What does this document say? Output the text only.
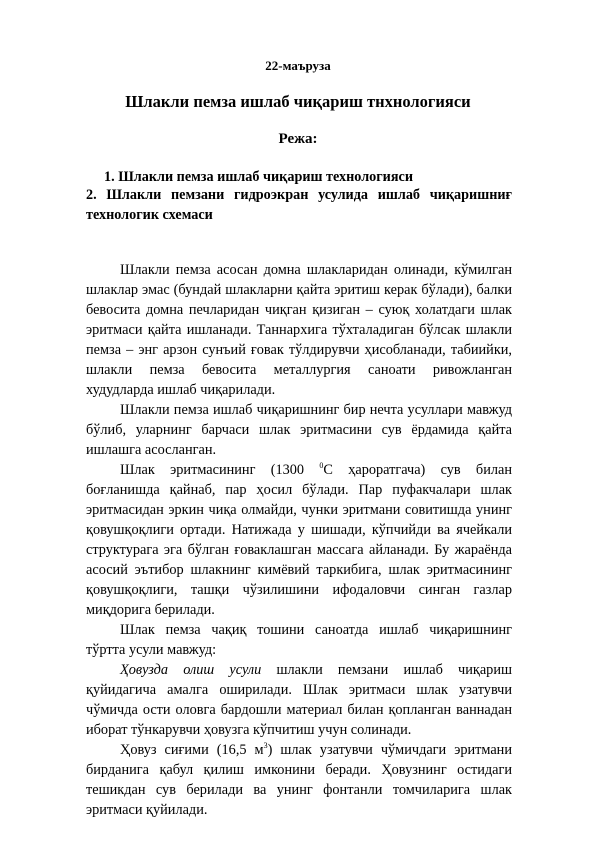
22-маъруза
Шлакли пемза ишлаб чиқариш тнхнологияси
Режа:
1. Шлакли пемза ишлаб чиқариш технологияси
2. Шлакли пемзани гидроэкран усулида ишлаб чиқаришниғ технологик схемаси

Шлакли пемза асосан домна шлакларидан олинади, кўмилган шлаклар эмас (бундай шлакларни қайта эритиш керак бўлади), балки бевосита домна печларидан чиқган қизиган – суюқ холатдаги шлак эритмаси қайта ишланади. Таннархига тўхталадиган бўлсак шлакли пемза – энг арзон сунъий ғовак тўлдирувчи ҳисобланади, табиийки, шлакли пемза бевосита металлургия саноати ривожланган худудларда ишлаб чиқарилади.

Шлакли пемза ишлаб чиқаришнинг бир нечта усуллари мавжуд бўлиб, уларнинг барчаси шлак эритмасини сув ёрдамида қайта ишлашга асосланган.

Шлак эритмасининг (1300 $^0$С ҳароратгача) сув билан боғланишда қайнаб, пар ҳосил бўлади. Пар пуфакчалари шлак эритмасидан эркин чиқа олмайди, чунки эритмани совитишда унинг қовушқоқлиги ортади. Натижада у шишади, кўпчийди ва ячейкали структурага эга бўлган ғоваклашган массага айланади. Бу жараёнда асосий эътибор шлакнинг кимёвий таркибига, шлак эритмасининг қовушқоқлиги, ташқи чўзилишини ифодаловчи синган газлар миқдорига берилади.

Шлак пемза чақиқ тошини саноатда ишлаб чиқаришнинг тўртта усули мавжуд:

Ҳовузда олиш усули шлакли пемзани ишлаб чиқариш қуйидагича амалга оширилади. Шлак эритмаси шлак узатувчи чўмичда ости оловга бардошли материал билан қопланган ваннадан иборат тўнкарувчи ҳовузга кўпчитиш учун солинади.

Ҳовуз сиғими (16,5 $м^3$) шлак узатувчи чўмичдаги эритмани бирданига қабул қилиш имконини беради. Ҳовузнинг остидаги тешикдан сув берилади ва унинг фонтанли томчиларига шлак эритмаси қуйилади.
